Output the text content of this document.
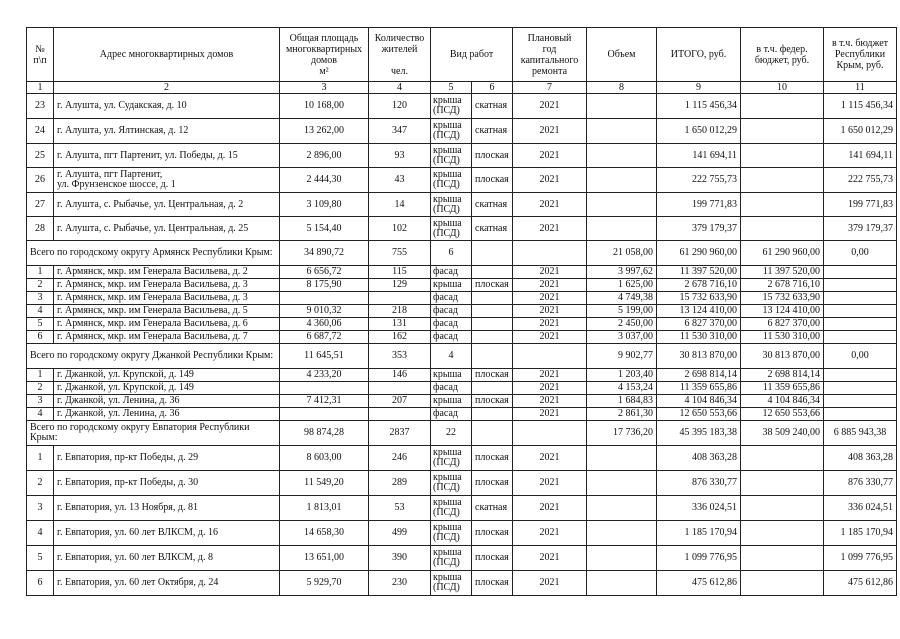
№
п\п	Адрес многоквартирных домов	Общая площадь
многоквартирных
домов
м²	Количество
жителей

чел.	Вид работ		Плановый
год
капитального
ремонта	Объем	ИТОГО, руб.	в т.ч. федер.
бюджет, руб.	в т.ч. бюджет
Республики
Крым, руб.
1	2	3	4	5	6	7	8	9	10	11
23	г. Алушта, ул. Судакская, д. 10	10 168,00	120	крыша
(ПСД)	скатная	2021		1 115 456,34		1 115 456,34
24	г. Алушта, ул. Ялтинская, д. 12	13 262,00	347	крыша
(ПСД)	скатная	2021		1 650 012,29		1 650 012,29
25	г. Алушта, пгт Партенит, ул. Победы, д. 15	2 896,00	93	крыша
(ПСД)	плоская	2021		141 694,11		141 694,11
26	г. Алушта, пгт Партенит,
ул. Фрунзенское шоссе, д. 1	2 444,30	43	крыша
(ПСД)	плоская	2021		222 755,73		222 755,73
27	г. Алушта, с. Рыбачье, ул. Центральная, д. 2	3 109,80	14	крыша
(ПСД)	скатная	2021		199 771,83		199 771,83
28	г. Алушта, с. Рыбачье, ул. Центральная, д. 25	5 154,40	102	крыша
(ПСД)	скатная	2021		379 179,37		379 179,37
Всего по городскому округу Армянск Республики Крым:		34 890,72	755	6			21 058,00	61 290 960,00	61 290 960,00	0,00
1	г. Армянск, мкр. им Генерала Васильева, д. 2	6 656,72	115	фасад		2021	3 997,62	11 397 520,00	11 397 520,00	
2	г. Армянск, мкр. им Генерала Васильева, д. 3	8 175,90	129	крыша	плоская	2021	1 625,00	2 678 716,10	2 678 716,10	
3	г. Армянск, мкр. им Генерала Васильева, д. 3			фасад		2021	4 749,38	15 732 633,90	15 732 633,90	
4	г. Армянск, мкр. им Генерала Васильева, д. 5	9 010,32	218	фасад		2021	5 199,00	13 124 410,00	13 124 410,00	
5	г. Армянск, мкр. им Генерала Васильева, д. 6	4 360,06	131	фасад		2021	2 450,00	6 827 370,00	6 827 370,00	
6	г. Армянск, мкр. им Генерала Васильева, д. 7	6 687,72	162	фасад		2021	3 037,00	11 530 310,00	11 530 310,00	
Всего по городскому округу Джанкой Республики Крым:		11 645,51	353	4			9 902,77	30 813 870,00	30 813 870,00	0,00
1	г. Джанкой, ул. Крупской, д. 149	4 233,20	146	крыша	плоская	2021	1 203,40	2 698 814,14	2 698 814,14	
2	г. Джанкой, ул. Крупской, д. 149			фасад		2021	4 153,24	11 359 655,86	11 359 655,86	
3	г. Джанкой, ул. Ленина, д. 36	7 412,31	207	крыша	плоская	2021	1 684,83	4 104 846,34	4 104 846,34	
4	г. Джанкой, ул. Ленина, д. 36			фасад		2021	2 861,30	12 650 553,66	12 650 553,66	
Всего по городскому округу Евпатория Республики Крым:		98 874,28	2837	22			17 736,20	45 395 183,38	38 509 240,00	6 885 943,38
1	г. Евпатория, пр-кт Победы, д. 29	8 603,00	246	крыша
(ПСД)	плоская	2021		408 363,28		408 363,28
2	г. Евпатория, пр-кт Победы, д. 30	11 549,20	289	крыша
(ПСД)	плоская	2021		876 330,77		876 330,77
3	г. Евпатория, ул. 13 Ноября, д. 81	1 813,01	53	крыша
(ПСД)	скатная	2021		336 024,51		336 024,51
4	г. Евпатория, ул. 60 лет ВЛКСМ, д. 16	14 658,30	499	крыша
(ПСД)	плоская	2021		1 185 170,94		1 185 170,94
5	г. Евпатория, ул. 60 лет ВЛКСМ, д. 8	13 651,00	390	крыша
(ПСД)	плоская	2021		1 099 776,95		1 099 776,95
6	г. Евпатория, ул. 60 лет Октября, д. 24	5 929,70	230	крыша
(ПСД)	плоская	2021		475 612,86		475 612,86
